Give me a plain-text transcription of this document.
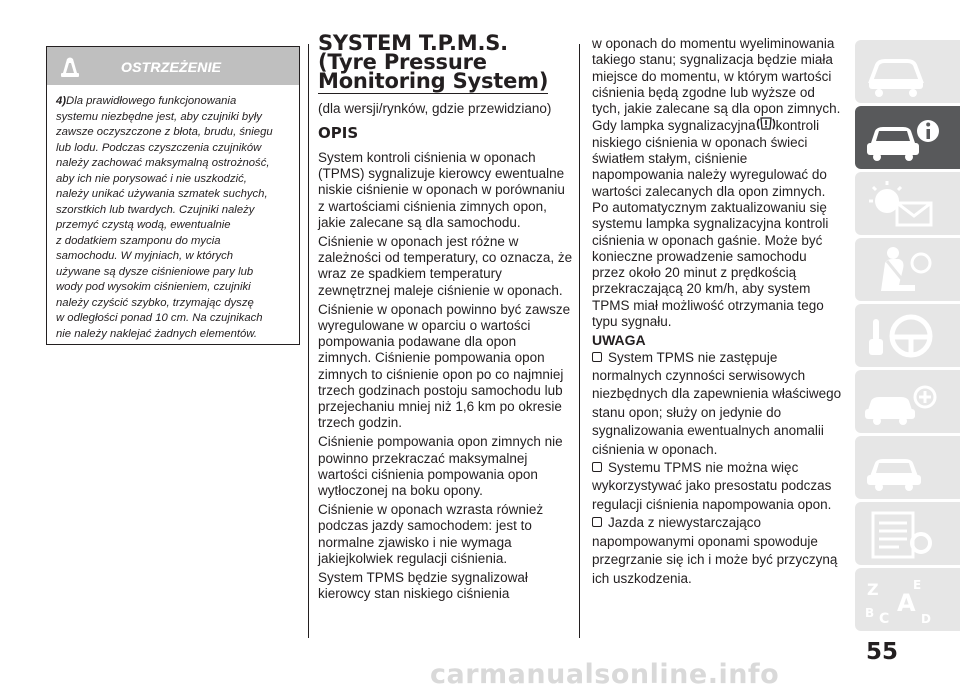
OSTRZEŻENIE
4)Dla prawidłowego funkcjonowania
systemu niezbędne jest, aby czujniki były
zawsze oczyszczone z błota, brudu, śniegu
lub lodu. Podczas czyszczenia czujników
należy zachować maksymalną ostrożność,
aby ich nie porysować i nie uszkodzić,
należy unikać używania szmatek suchych,
szorstkich lub twardych. Czujniki należy
przemyć czystą wodą, ewentualnie
z dodatkiem szamponu do mycia
samochodu. W myjniach, w których
używane są dysze ciśnieniowe pary lub
wody pod wysokim ciśnieniem, czujniki
należy czyścić szybko, trzymając dyszę
w odległości ponad 10 cm. Na czujnikach
nie należy naklejać żadnych elementów.
SYSTEM T.P.M.S.
(Tyre Pressure
Monitoring System)

(dla wersji/rynków, gdzie przewidziano)

OPIS

System kontroli ciśnienia w oponach (TPMS) sygnalizuje kierowcy ewentualne niskie ciśnienie w oponach w porównaniu z wartościami ciśnienia zimnych opon, jakie zalecane są dla samochodu.

Ciśnienie w oponach jest różne w zależności od temperatury, co oznacza, że wraz ze spadkiem temperatury zewnętrznej maleje ciśnienie w oponach.

Ciśnienie w oponach powinno być zawsze wyregulowane w oparciu o wartości pompowania podawane dla opon zimnych. Ciśnienie pompowania opon zimnych to ciśnienie opon po co najmniej trzech godzinach postoju samochodu lub przejechaniu mniej niż 1,6 km po okresie trzech godzin.

Ciśnienie pompowania opon zimnych nie powinno przekraczać maksymalnej wartości ciśnienia pompowania opon wytłoczonej na boku opony.

Ciśnienie w oponach wzrasta również podczas jazdy samochodem: jest to normalne zjawisko i nie wymaga jakiejkolwiek regulacji ciśnienia.

System TPMS będzie sygnalizował kierowcy stan niskiego ciśnienia

w oponach do momentu wyeliminowania takiego stanu; sygnalizacja będzie miała miejsce do momentu, w którym wartości ciśnienia będą zgodne lub wyższe od tych, jakie zalecane są dla opon zimnych. Gdy lampka sygnalizacyjna kontroli niskiego ciśnienia w oponach świeci światłem stałym, ciśnienie napompowania należy wyregulować do wartości zalecanych dla opon zimnych. Po automatycznym zaktualizowaniu się systemu lampka sygnalizacyjna kontroli ciśnienia w oponach gaśnie. Może być konieczne prowadzenie samochodu przez około 20 minut z prędkością przekraczającą 20 km/h, aby system TPMS miał możliwość otrzymania tego typu sygnału.

UWAGA

System TPMS nie zastępuje normalnych czynności serwisowych niezbędnych dla zapewnienia właściwego stanu opon; służy on jedynie do sygnalizowania ewentualnych anomalii ciśnienia w oponach.

Systemu TPMS nie można więc wykorzystywać jako presostatu podczas regulacji ciśnienia napompowania opon.

Jazda z niewystarczająco napompowanymi oponami spowoduje przegrzanie się ich i może być przyczyną ich uszkodzenia.

Z	E
A
B C	D
55
carmanualsonline.info
